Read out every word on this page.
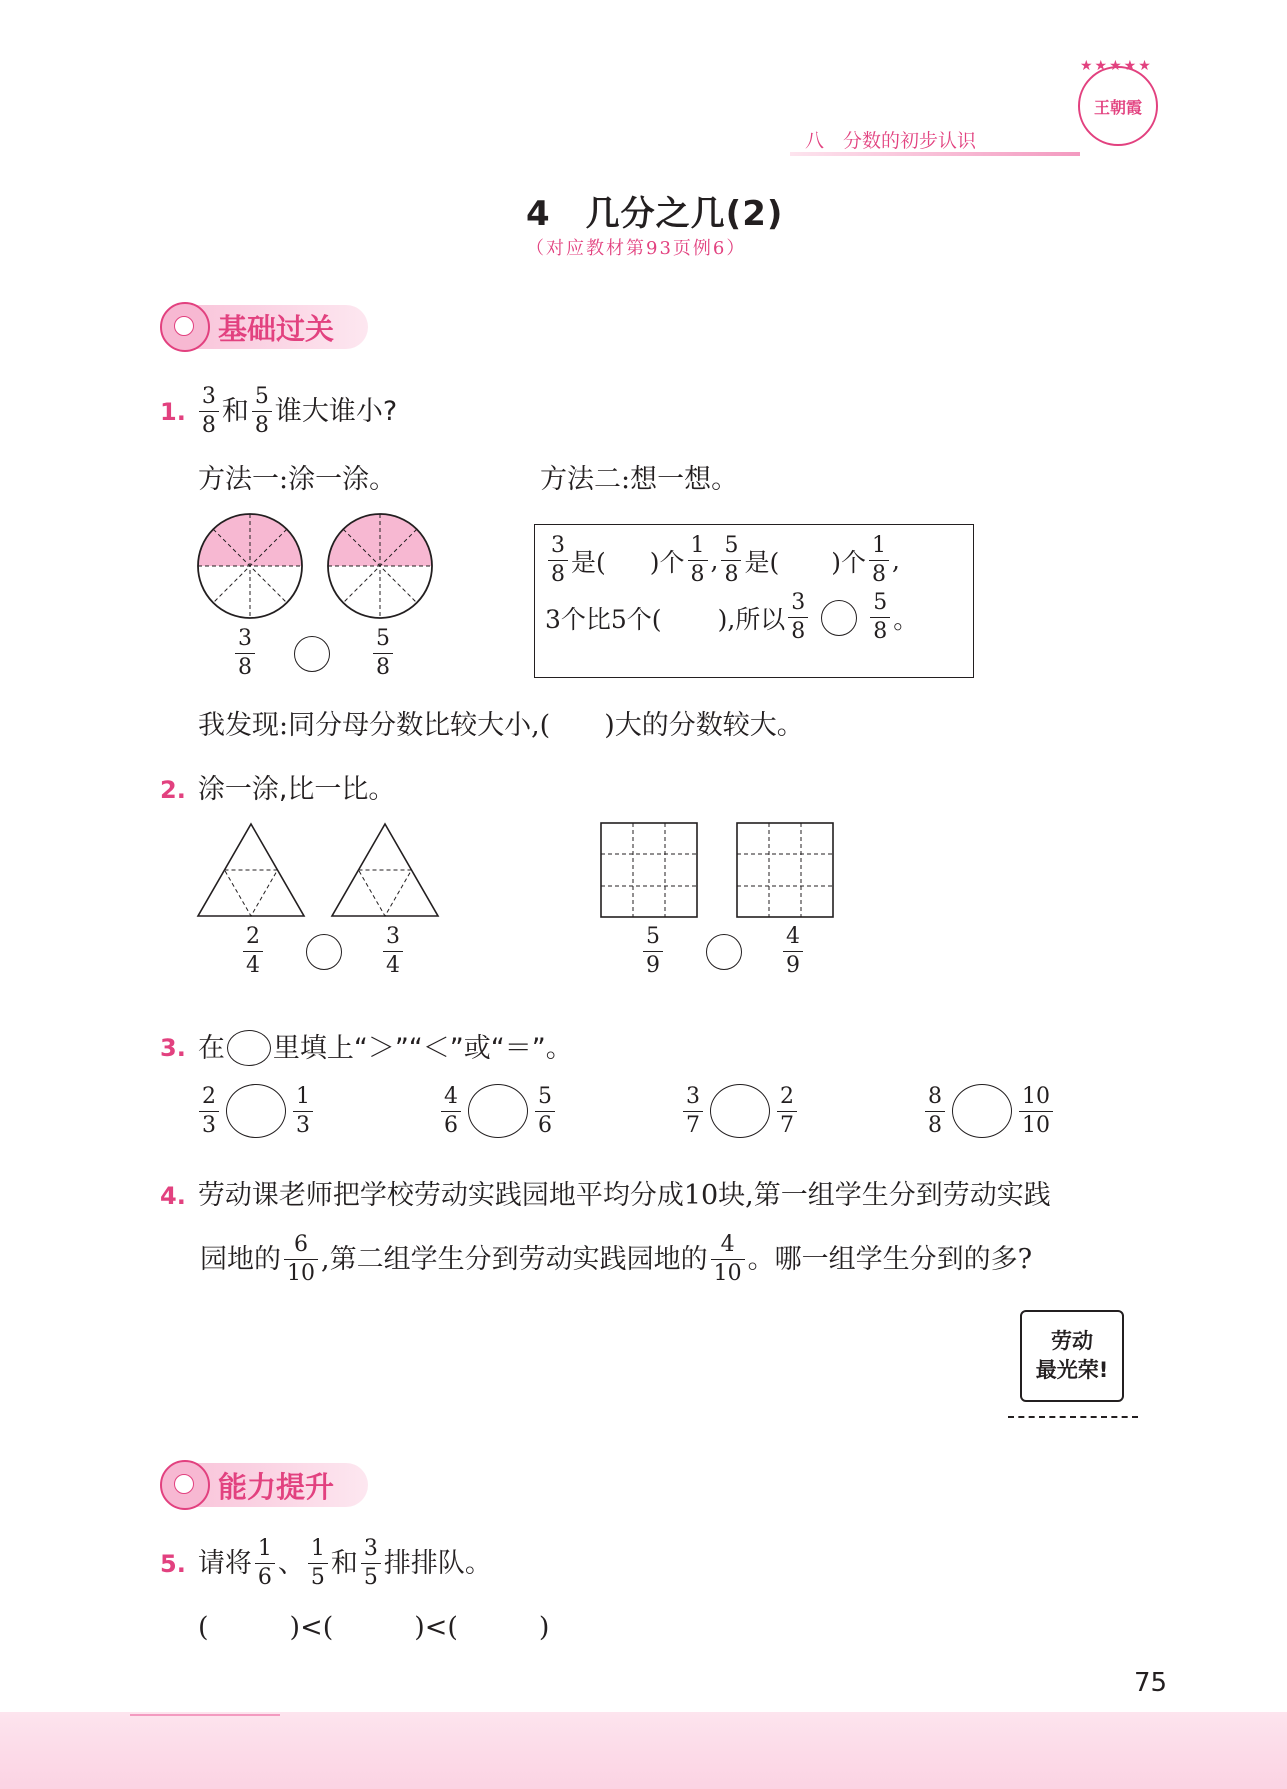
八　分数的初步认识
王朝霞
★★★★★
4　几分之几(2)
（对应教材第93页例6）
基础过关
1. $\frac{3}{8}$ 和 $\frac{5}{8}$ 谁大谁小?
方法一:涂一涂。	方法二:想一想。
$\frac{3}{8}$	$\frac{5}{8}$
$\frac{3}{8}$ 是( )个 $\frac{1}{8}$ , $\frac{5}{8}$ 是( )个 $\frac{1}{8}$ ,
3个比5个( ),所以 $\frac{3}{8}$	$\frac{5}{8}$ 。
我发现:同分母分数比较大小,( )大的分数较大。
2. 涂一涂,比一比。
$\frac{2}{4}$	$\frac{3}{4}$	$\frac{5}{9}$	$\frac{4}{9}$
3. 在 里填上“＞”“＜”或“＝”。
$\frac{2}{3}$	$\frac{1}{3}$	$\frac{4}{6}$	$\frac{5}{6}$	$\frac{3}{7}$	$\frac{2}{7}$	$\frac{8}{8}$	$\frac{10}{10}$
4. 劳动课老师把学校劳动实践园地平均分成10块,第一组学生分到劳动实践
园地的 $\frac{6}{10}$ ,第二组学生分到劳动实践园地的 $\frac{4}{10}$ 。哪一组学生分到的多?
劳动
最光荣!
能力提升
5. 请将 $\frac{1}{6}$ 、 $\frac{1}{5}$ 和 $\frac{3}{5}$ 排排队。
(　　　)<(　　　)<(　　　)
75
